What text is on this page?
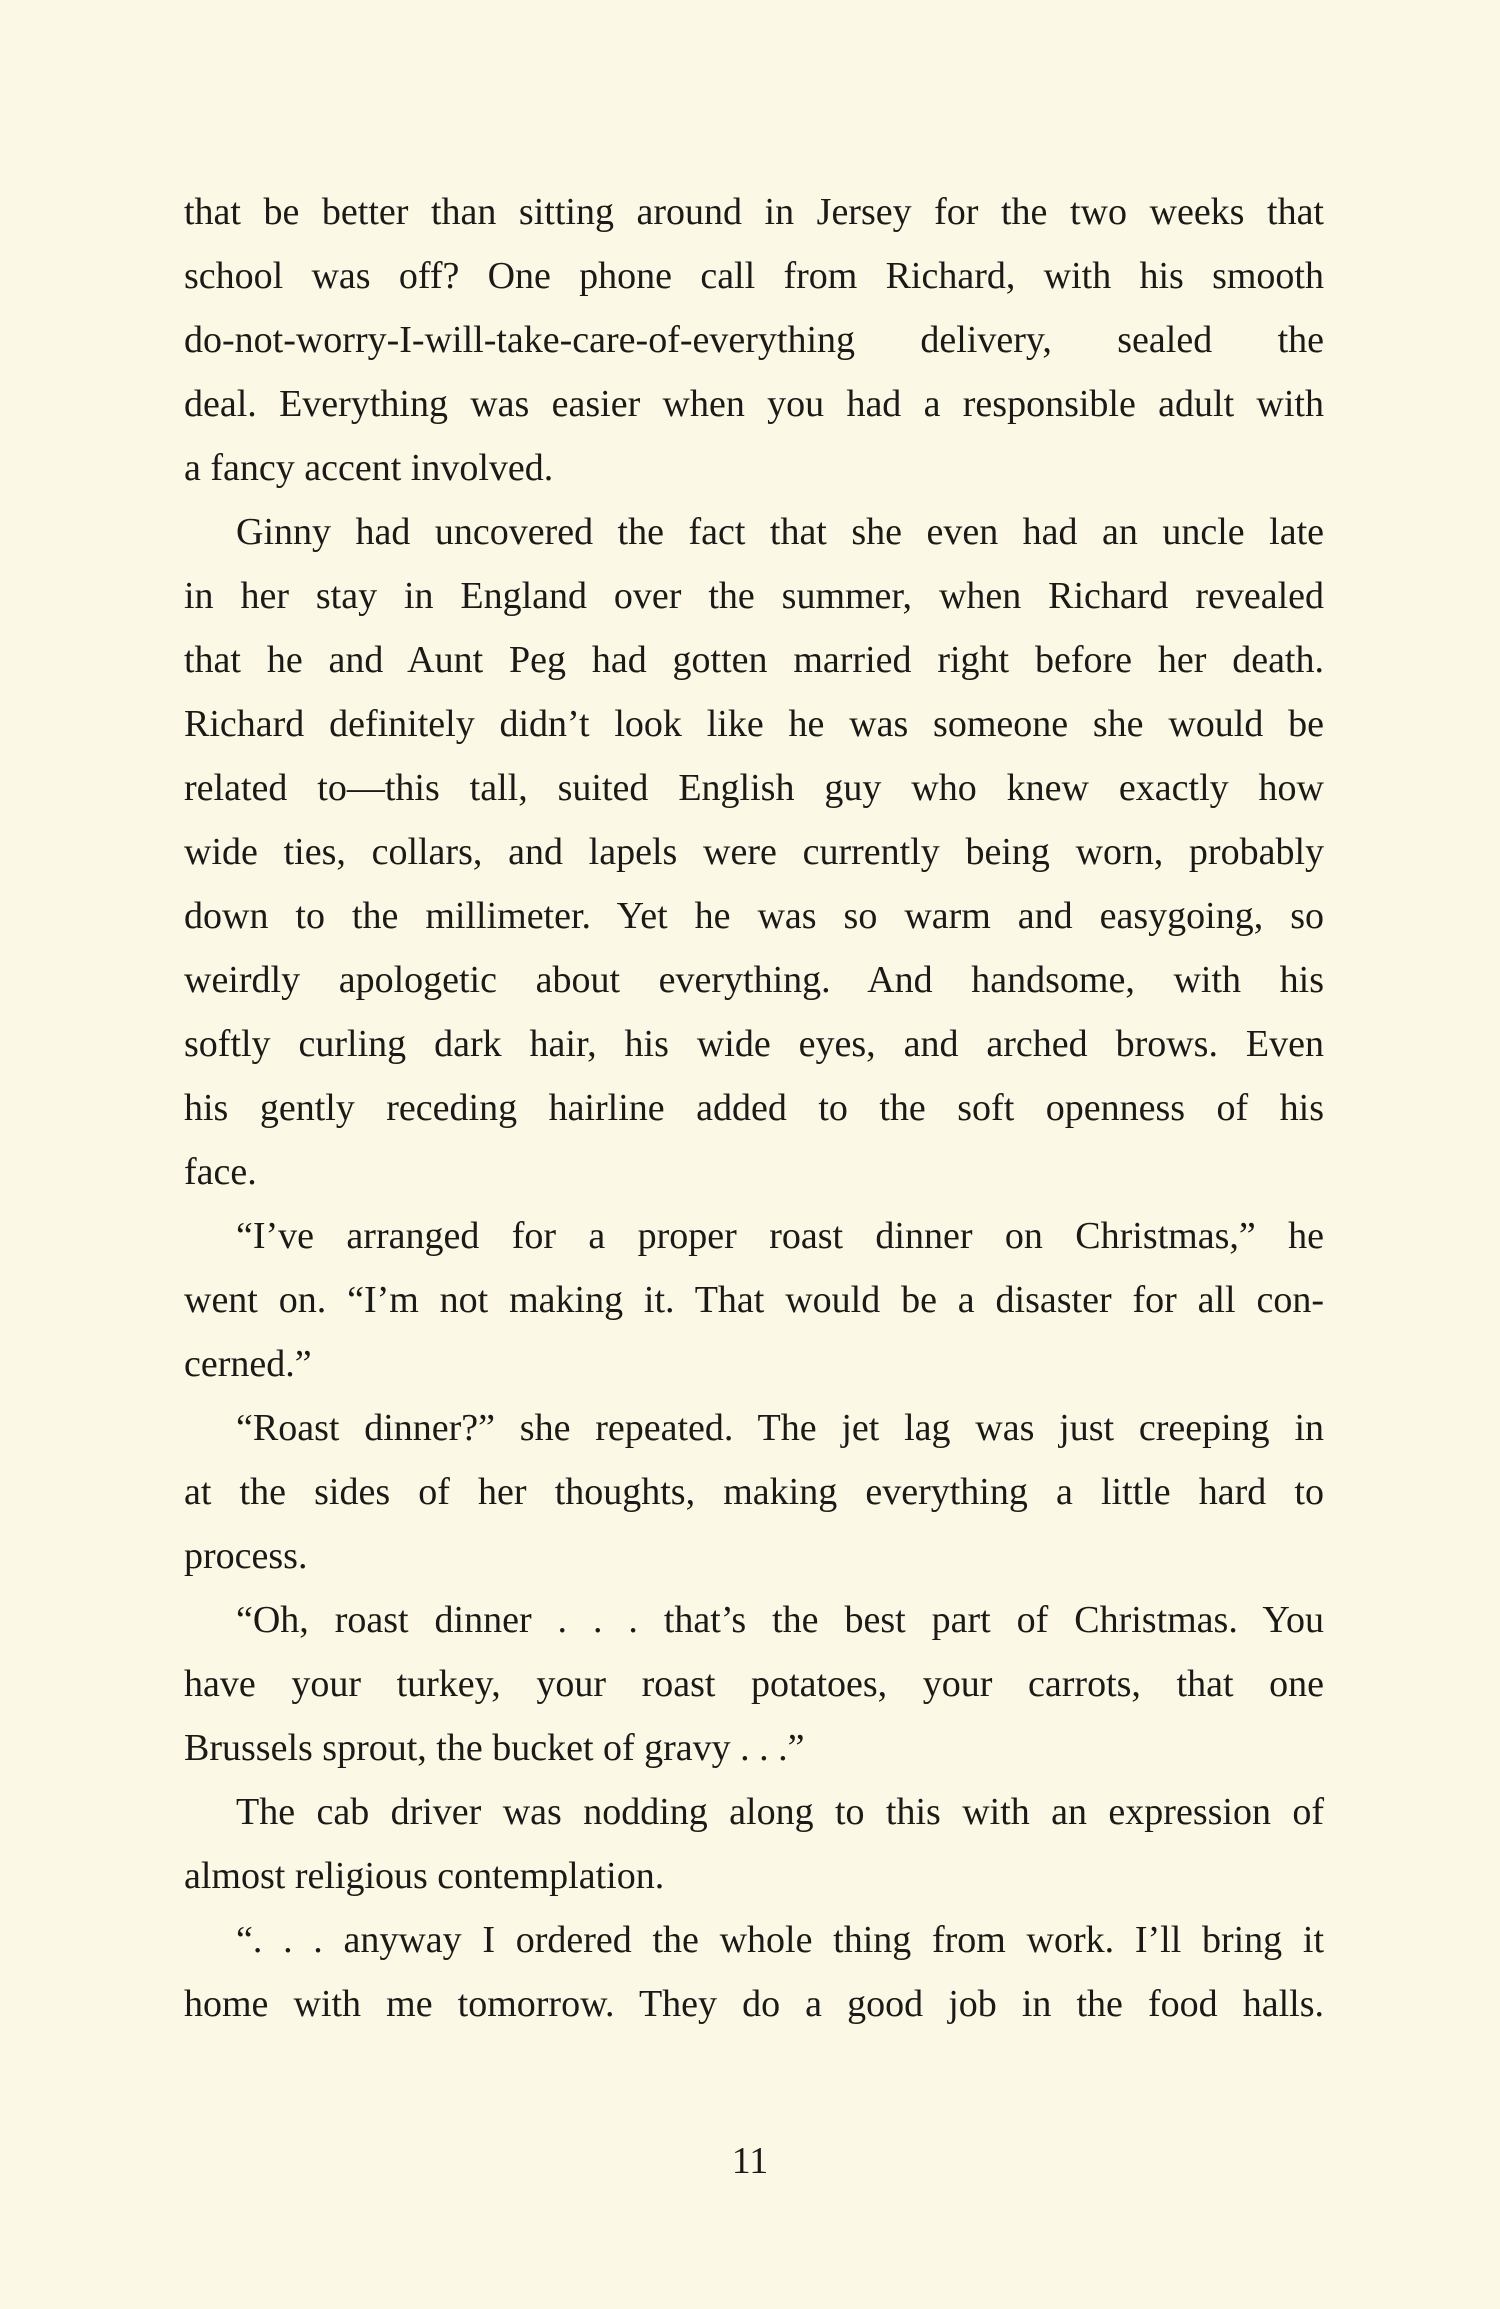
that be better than sitting around in Jersey for the two weeks that
school was off? One phone call from Richard, with his smooth
do-not-worry-I-will-take-care-of-everything delivery, sealed the
deal. Everything was easier when you had a responsible adult with
a fancy accent involved.
Ginny had uncovered the fact that she even had an uncle late
in her stay in England over the summer, when Richard revealed
that he and Aunt Peg had gotten married right before her death.
Richard definitely didn’t look like he was someone she would be
related to—this tall, suited English guy who knew exactly how
wide ties, collars, and lapels were currently being worn, probably
down to the millimeter. Yet he was so warm and easygoing, so
weirdly apologetic about everything. And handsome, with his
softly curling dark hair, his wide eyes, and arched brows. Even
his gently receding hairline added to the soft openness of his
face.
“I’ve arranged for a proper roast dinner on Christmas,” he
went on. “I’m not making it. That would be a disaster for all con-
cerned.”
“Roast dinner?” she repeated. The jet lag was just creeping in
at the sides of her thoughts, making everything a little hard to
process.
“Oh, roast dinner . . . that’s the best part of Christmas. You
have your turkey, your roast potatoes, your carrots, that one
Brussels sprout, the bucket of gravy . . .”
The cab driver was nodding along to this with an expression of
almost religious contemplation.
“. . . anyway I ordered the whole thing from work. I’ll bring it
home with me tomorrow. They do a good job in the food halls.
11
